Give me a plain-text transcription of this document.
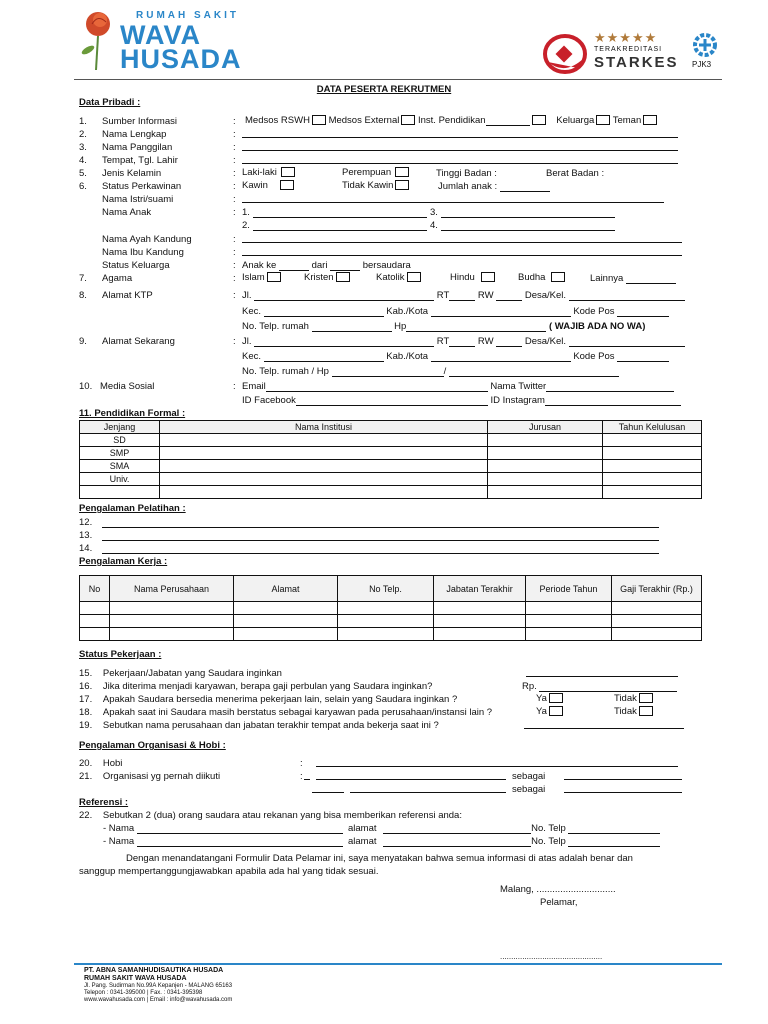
RUMAH SAKIT
WAVA
HUSADA
★★★★★
TERAKREDITASI
STARKES PJK3
DATA PESERTA REKRUTMEN
Data Pribadi :
1. Sumber Informasi	: Medsos RSWH Medsos External Inst. Pendidikan	Keluarga Teman
2. Nama Lengkap	:
3. Nama Panggilan	:
4. Tempat, Tgl. Lahir	:
5. Jenis Kelamin	: Laki-laki	Perempuan	Tinggi Badan :	Berat Badan :
6. Status Perkawinan	: Kawin	Tidak Kawin	Jumlah anak :
Nama Istri/suami	:
Nama Anak	: 1.	3.
2.	4.
Nama Ayah Kandung	:
Nama Ibu Kandung	:
Status Keluarga	: Anak ke	dari	bersaudara
7. Agama	: Islam	Kristen	Katolik	Hindu	Budha	Lainnya
8. Alamat KTP	: Jl.	RT	RW	Desa/Kel.
Kec.	Kab./Kota	Kode Pos
No. Telp. rumah	Hp	( WAJIB ADA NO WA)
9. Alamat Sekarang	: Jl.	RT	RW	Desa/Kel.
Kec.	Kab./Kota	Kode Pos
No. Telp. rumah / Hp	/
10. Media Sosial	: Email	Nama Twitter
ID Facebook	ID Instagram
11. Pendidikan Formal :
Jenjang	Nama Institusi	Jurusan	Tahun Kelulusan
SD			
SMP			
SMA			
Univ.			

Pengalaman Pelatihan :
12.
13.
14.
Pengalaman Kerja :
No	Nama Perusahaan	Alamat	No Telp.	Jabatan Terakhir	Periode Tahun	Gaji Terakhir (Rp.)

Status Pekerjaan :
15. Pekerjaan/Jabatan yang Saudara inginkan
16. Jika diterima menjadi karyawan, berapa gaji perbulan yang Saudara inginkan?	Rp.
17. Apakah Saudara bersedia menerima pekerjaan lain, selain yang Saudara inginkan ?	Ya	Tidak
18. Apakah saat ini Saudara masih berstatus sebagai karyawan pada perusahaan/instansi lain ?	Ya	Tidak
19. Sebutkan nama perusahaan dan jabatan terakhir tempat anda bekerja saat ini ?
Pengalaman Organisasi & Hobi :
20. Hobi	:
21. Organisasi yg pernah diikuti	:	sebagai
sebagai
Referensi :
22. Sebutkan 2 (dua) orang saudara atau rekanan yang bisa memberikan referensi anda:
- Nama	alamat	No. Telp
- Nama	alamat	No. Telp
Dengan menandatangani Formulir Data Pelamar ini, saya menyatakan bahwa semua informasi di atas adalah benar dan
sanggup mempertanggungjawabkan apabila ada hal yang tidak sesuai.
Malang, ..............................
Pelamar,
..............................................
PT. ABNA SAMANHUDISAUTIKA HUSADA
RUMAH SAKIT WAVA HUSADA
Jl. Pang. Sudirman No.99A Kepanjen - MALANG 65163
Telepon : 0341-395000 | Fax. : 0341-395398
www.wavahusada.com | Email : info@wavahusada.com
